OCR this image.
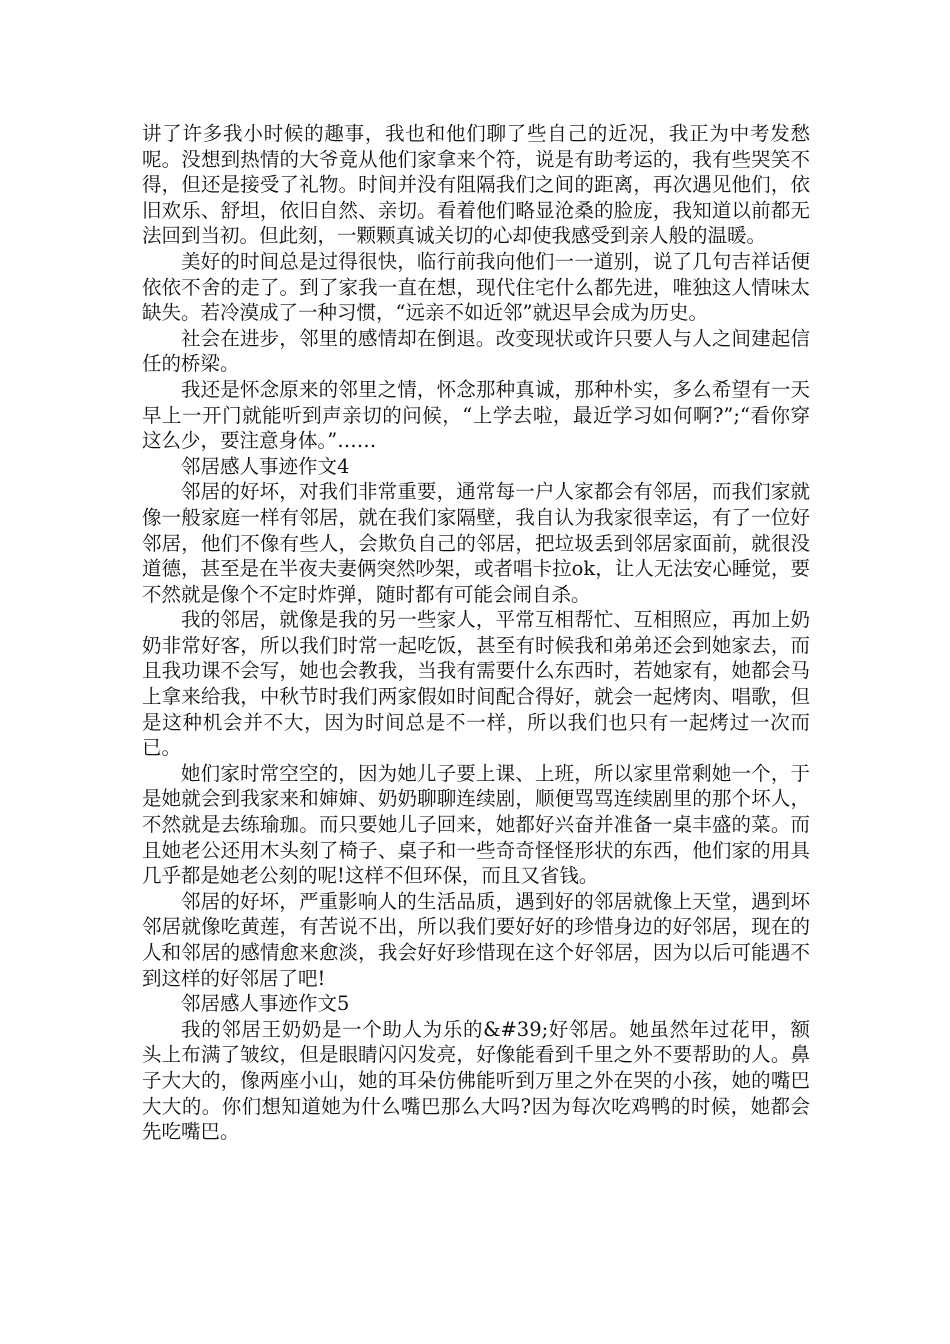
讲了许多我小时候的趣事，我也和他们聊了些自己的近况，我正为中考发愁呢。没想到热情的大爷竟从他们家拿来个符，说是有助考运的，我有些哭笑不得，但还是接受了礼物。时间并没有阻隔我们之间的距离，再次遇见他们，依旧欢乐、舒坦，依旧自然、亲切。看着他们略显沧桑的脸庞，我知道以前都无法回到当初。但此刻，一颗颗真诚关切的心却使我感受到亲人般的温暖。

美好的时间总是过得很快，临行前我向他们一一道别，说了几句吉祥话便依依不舍的走了。到了家我一直在想，现代住宅什么都先进，唯独这人情味太缺失。若冷漠成了一种习惯，“远亲不如近邻”就迟早会成为历史。

社会在进步，邻里的感情却在倒退。改变现状或许只要人与人之间建起信任的桥梁。

我还是怀念原来的邻里之情，怀念那种真诚，那种朴实，多么希望有一天早上一开门就能听到声亲切的问候，“上学去啦，最近学习如何啊?”;“看你穿这么少，要注意身体。”……

邻居感人事迹作文4

邻居的好坏，对我们非常重要，通常每一户人家都会有邻居，而我们家就像一般家庭一样有邻居，就在我们家隔壁，我自认为我家很幸运，有了一位好邻居，他们不像有些人，会欺负自己的邻居，把垃圾丢到邻居家面前，就很没道德，甚至是在半夜夫妻俩突然吵架，或者唱卡拉ok，让人无法安心睡觉，要不然就是像个不定时炸弹，随时都有可能会闹自杀。

我的邻居，就像是我的另一些家人，平常互相帮忙、互相照应，再加上奶奶非常好客，所以我们时常一起吃饭，甚至有时候我和弟弟还会到她家去，而且我功课不会写，她也会教我，当我有需要什么东西时，若她家有，她都会马上拿来给我，中秋节时我们两家假如时间配合得好，就会一起烤肉、唱歌，但是这种机会并不大，因为时间总是不一样，所以我们也只有一起烤过一次而已。

她们家时常空空的，因为她儿子要上课、上班，所以家里常剩她一个，于是她就会到我家来和婶婶、奶奶聊聊连续剧，顺便骂骂连续剧里的那个坏人，不然就是去练瑜珈。而只要她儿子回来，她都好兴奋并准备一桌丰盛的菜。而且她老公还用木头刻了椅子、桌子和一些奇奇怪怪形状的东西，他们家的用具几乎都是她老公刻的呢!这样不但环保，而且又省钱。

邻居的好坏，严重影响人的生活品质，遇到好的邻居就像上天堂，遇到坏邻居就像吃黄莲，有苦说不出，所以我们要好好的珍惜身边的好邻居，现在的人和邻居的感情愈来愈淡，我会好好珍惜现在这个好邻居，因为以后可能遇不到这样的好邻居了吧!

邻居感人事迹作文5

我的邻居王奶奶是一个助人为乐的&#39;好邻居。她虽然年过花甲，额头上布满了皱纹，但是眼睛闪闪发亮，好像能看到千里之外不要帮助的人。鼻子大大的，像两座小山，她的耳朵仿佛能听到万里之外在哭的小孩，她的嘴巴大大的。你们想知道她为什么嘴巴那么大吗?因为每次吃鸡鸭的时候，她都会先吃嘴巴。
